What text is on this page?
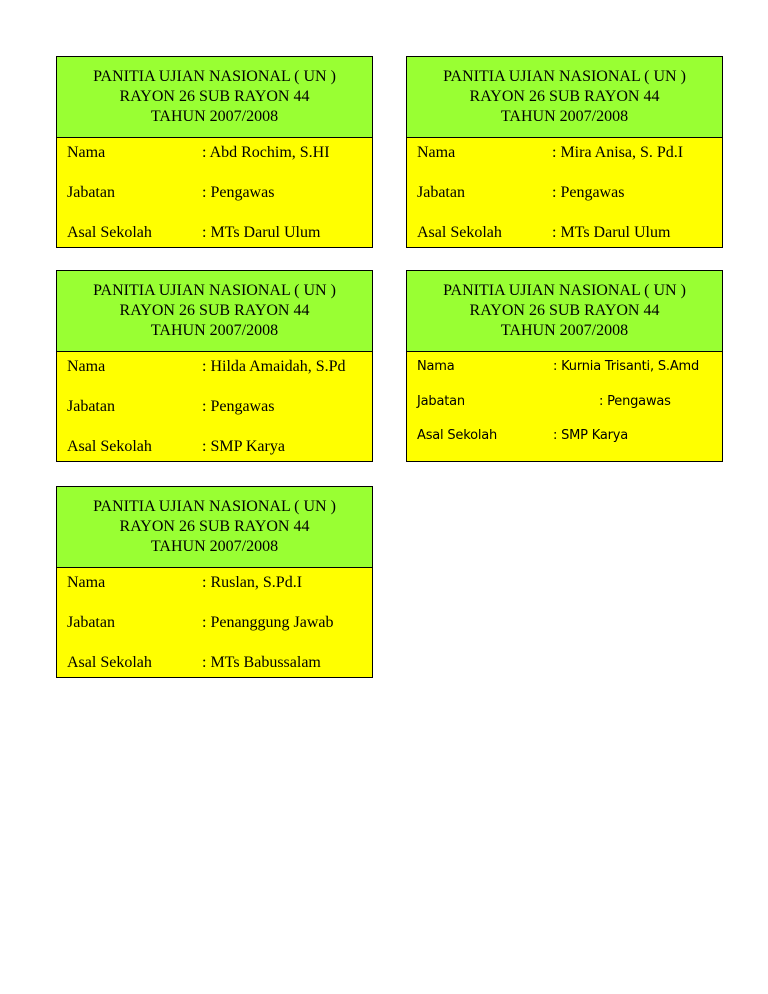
PANITIA UJIAN NASIONAL ( UN )
RAYON 26 SUB RAYON 44
TAHUN 2007/2008
Nama	: Abd Rochim, S.HI
Jabatan	: Pengawas
Asal Sekolah	: MTs Darul Ulum
PANITIA UJIAN NASIONAL ( UN )
RAYON 26 SUB RAYON 44
TAHUN 2007/2008
Nama	: Mira Anisa, S. Pd.I
Jabatan	: Pengawas
Asal Sekolah	: MTs Darul Ulum
PANITIA UJIAN NASIONAL ( UN )
RAYON 26 SUB RAYON 44
TAHUN 2007/2008
Nama	: Hilda Amaidah, S.Pd
Jabatan	: Pengawas
Asal Sekolah	: SMP Karya
PANITIA UJIAN NASIONAL ( UN )
RAYON 26 SUB RAYON 44
TAHUN 2007/2008
Nama	: Kurnia Trisanti, S.Amd
Jabatan	: Pengawas
Asal Sekolah	: SMP Karya
PANITIA UJIAN NASIONAL ( UN )
RAYON 26 SUB RAYON 44
TAHUN 2007/2008
Nama	: Ruslan, S.Pd.I
Jabatan	: Penanggung Jawab
Asal Sekolah	: MTs Babussalam
